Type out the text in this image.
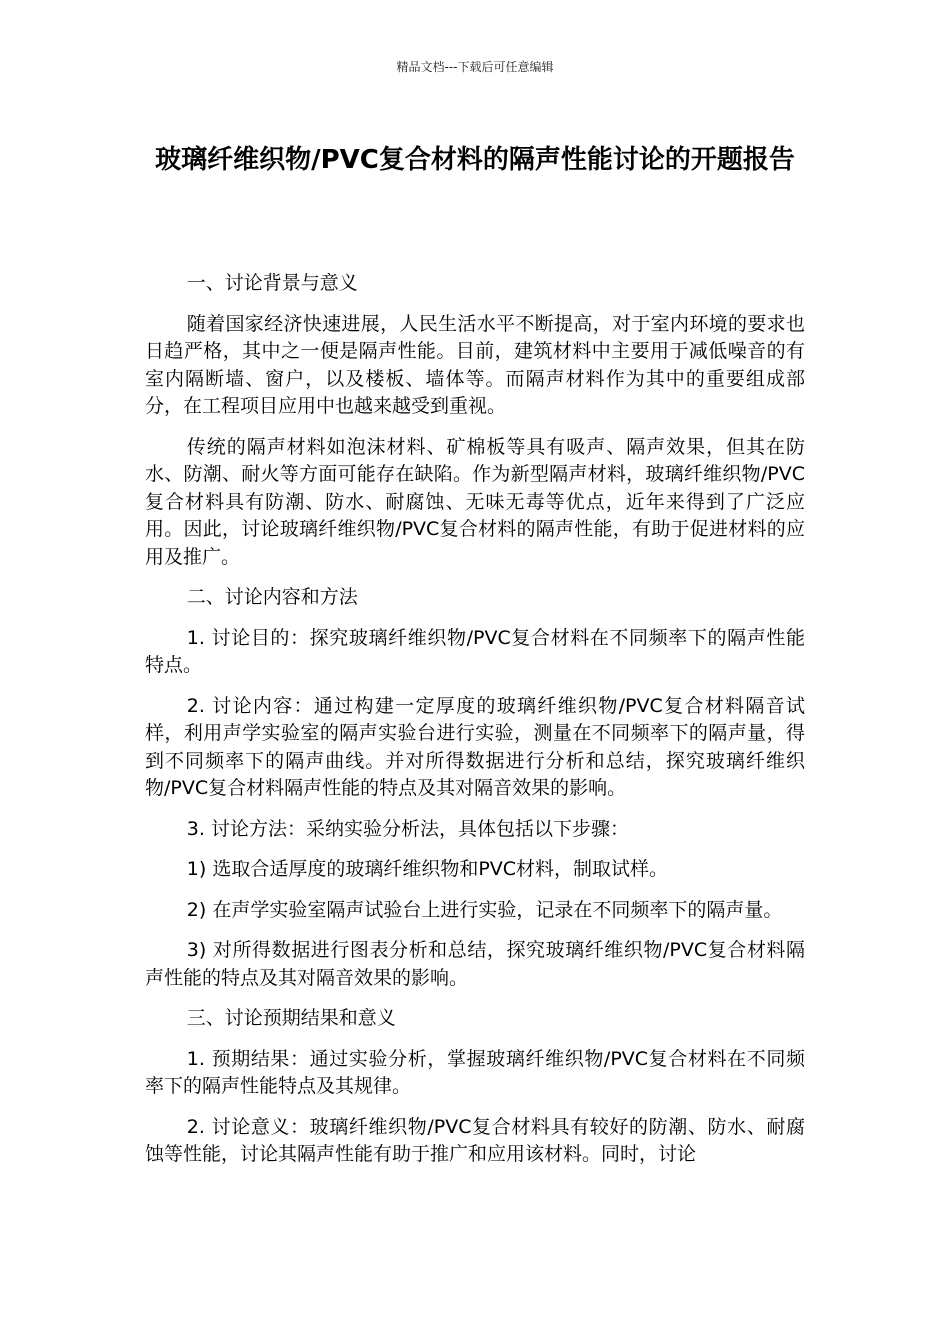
精品文档---下载后可任意编辑
玻璃纤维织物/PVC复合材料的隔声性能讨论的开题报告

一、讨论背景与意义

随着国家经济快速进展，人民生活水平不断提高，对于室内环境的要求也日趋严格，其中之一便是隔声性能。目前，建筑材料中主要用于减低噪音的有室内隔断墙、窗户，以及楼板、墙体等。而隔声材料作为其中的重要组成部分，在工程项目应用中也越来越受到重视。

传统的隔声材料如泡沫材料、矿棉板等具有吸声、隔声效果，但其在防水、防潮、耐火等方面可能存在缺陷。作为新型隔声材料，玻璃纤维织物/PVC复合材料具有防潮、防水、耐腐蚀、无味无毒等优点，近年来得到了广泛应用。因此，讨论玻璃纤维织物/PVC复合材料的隔声性能，有助于促进材料的应用及推广。

二、讨论内容和方法

1. 讨论目的：探究玻璃纤维织物/PVC复合材料在不同频率下的隔声性能特点。

2. 讨论内容：通过构建一定厚度的玻璃纤维织物/PVC复合材料隔音试样，利用声学实验室的隔声实验台进行实验，测量在不同频率下的隔声量，得到不同频率下的隔声曲线。并对所得数据进行分析和总结，探究玻璃纤维织物/PVC复合材料隔声性能的特点及其对隔音效果的影响。

3. 讨论方法：采纳实验分析法，具体包括以下步骤：

1) 选取合适厚度的玻璃纤维织物和PVC材料，制取试样。

2) 在声学实验室隔声试验台上进行实验，记录在不同频率下的隔声量。

3) 对所得数据进行图表分析和总结，探究玻璃纤维织物/PVC复合材料隔声性能的特点及其对隔音效果的影响。

三、讨论预期结果和意义

1. 预期结果：通过实验分析，掌握玻璃纤维织物/PVC复合材料在不同频率下的隔声性能特点及其规律。

2. 讨论意义：玻璃纤维织物/PVC复合材料具有较好的防潮、防水、耐腐蚀等性能，讨论其隔声性能有助于推广和应用该材料。同时，讨论
